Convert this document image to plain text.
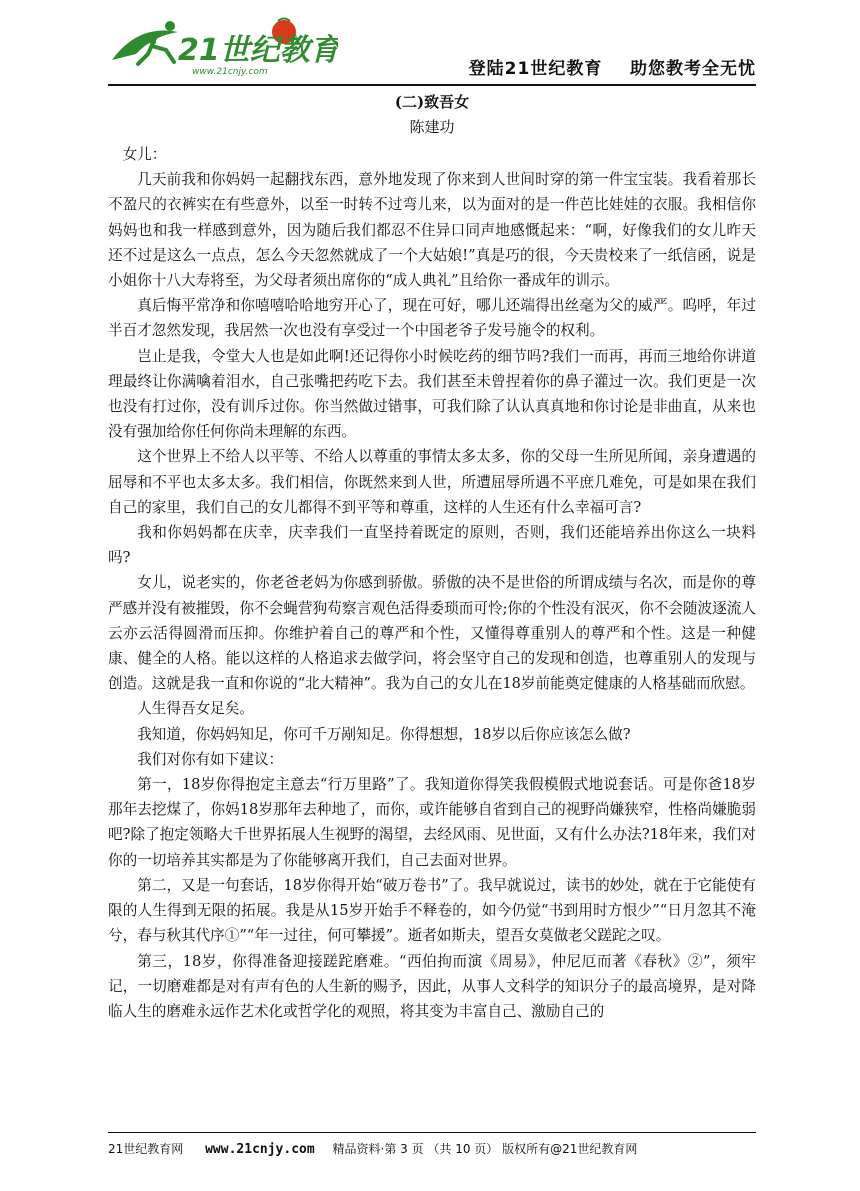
21世纪教育
www.21cnjy.com	登陆21世纪教育    助您教考全无忧

(二)致吾女

陈建功

女儿：

几天前我和你妈妈一起翻找东西，意外地发现了你来到人世间时穿的第一件宝宝装。我看着那长不盈尺的衣裤实在有些意外，以至一时转不过弯儿来，以为面对的是一件芭比娃娃的衣服。我相信你妈妈也和我一样感到意外，因为随后我们都忍不住异口同声地感慨起来：“啊，好像我们的女儿昨天还不过是这么一点点，怎么今天忽然就成了一个大姑娘!”真是巧的很，今天贵校来了一纸信函，说是小姐你十八大寿将至，为父母者须出席你的“成人典礼”且给你一番成年的训示。

真后悔平常净和你嘻嘻哈哈地穷开心了，现在可好，哪儿还端得出丝毫为父的威严。呜呼，年过半百才忽然发现，我居然一次也没有享受过一个中国老爷子发号施令的权利。

岂止是我，令堂大人也是如此啊!还记得你小时候吃药的细节吗?我们一而再，再而三地给你讲道理最终让你满噙着泪水，自己张嘴把药吃下去。我们甚至未曾捏着你的鼻子灌过一次。我们更是一次也没有打过你，没有训斥过你。你当然做过错事，可我们除了认认真真地和你讨论是非曲直，从来也没有强加给你任何你尚未理解的东西。

这个世界上不给人以平等、不给人以尊重的事情太多太多，你的父母一生所见所闻，亲身遭遇的屈辱和不平也太多太多。我们相信，你既然来到人世，所遭屈辱所遇不平庶几难免，可是如果在我们自己的家里，我们自己的女儿都得不到平等和尊重，这样的人生还有什么幸福可言?

我和你妈妈都在庆幸，庆幸我们一直坚持着既定的原则，否则，我们还能培养出你这么一块料吗?

女儿，说老实的，你老爸老妈为你感到骄傲。骄傲的决不是世俗的所谓成绩与名次，而是你的尊严感并没有被摧毁，你不会蝇营狗苟察言观色活得委琐而可怜;你的个性没有泯灭，你不会随波逐流人云亦云活得圆滑而压抑。你维护着自己的尊严和个性，又懂得尊重别人的尊严和个性。这是一种健康、健全的人格。能以这样的人格追求去做学问，将会坚守自己的发现和创造，也尊重别人的发现与创造。这就是我一直和你说的“北大精神”。我为自己的女儿在18岁前能奠定健康的人格基础而欣慰。

人生得吾女足矣。

我知道，你妈妈知足，你可千万剐知足。你得想想，18岁以后你应该怎么做?

我们对你有如下建议：

第一，18岁你得抱定主意去“行万里路”了。我知道你得笑我假模假式地说套话。可是你爸18岁那年去挖煤了，你妈18岁那年去种地了，而你，或许能够自省到自己的视野尚嫌狭窄，性格尚嫌脆弱吧?除了抱定领略大千世界拓展人生视野的渴望，去经风雨、见世面，又有什么办法?18年来，我们对你的一切培养其实都是为了你能够离开我们，自己去面对世界。

第二，又是一句套话，18岁你得开始“破万卷书”了。我早就说过，读书的妙处，就在于它能使有限的人生得到无限的拓展。我是从15岁开始手不释卷的，如今仍觉“书到用时方恨少”“日月忽其不淹兮，春与秋其代序①”“年一过往，何可攀援”。逝者如斯夫，望吾女莫做老父蹉跎之叹。

第三，18岁，你得准备迎接蹉跎磨难。“西伯拘而演《周易》，仲尼厄而著《春秋》②”，须牢记，一切磨难都是对有声有色的人生新的赐予，因此，从事人文科学的知识分子的最高境界，是对降临人生的磨难永远作艺术化或哲学化的观照，将其变为丰富自己、激励自己的

21世纪教育网 www.21cnjy.com 精品资料·第 3 页 （共 10 页） 版权所有@21世纪教育网
